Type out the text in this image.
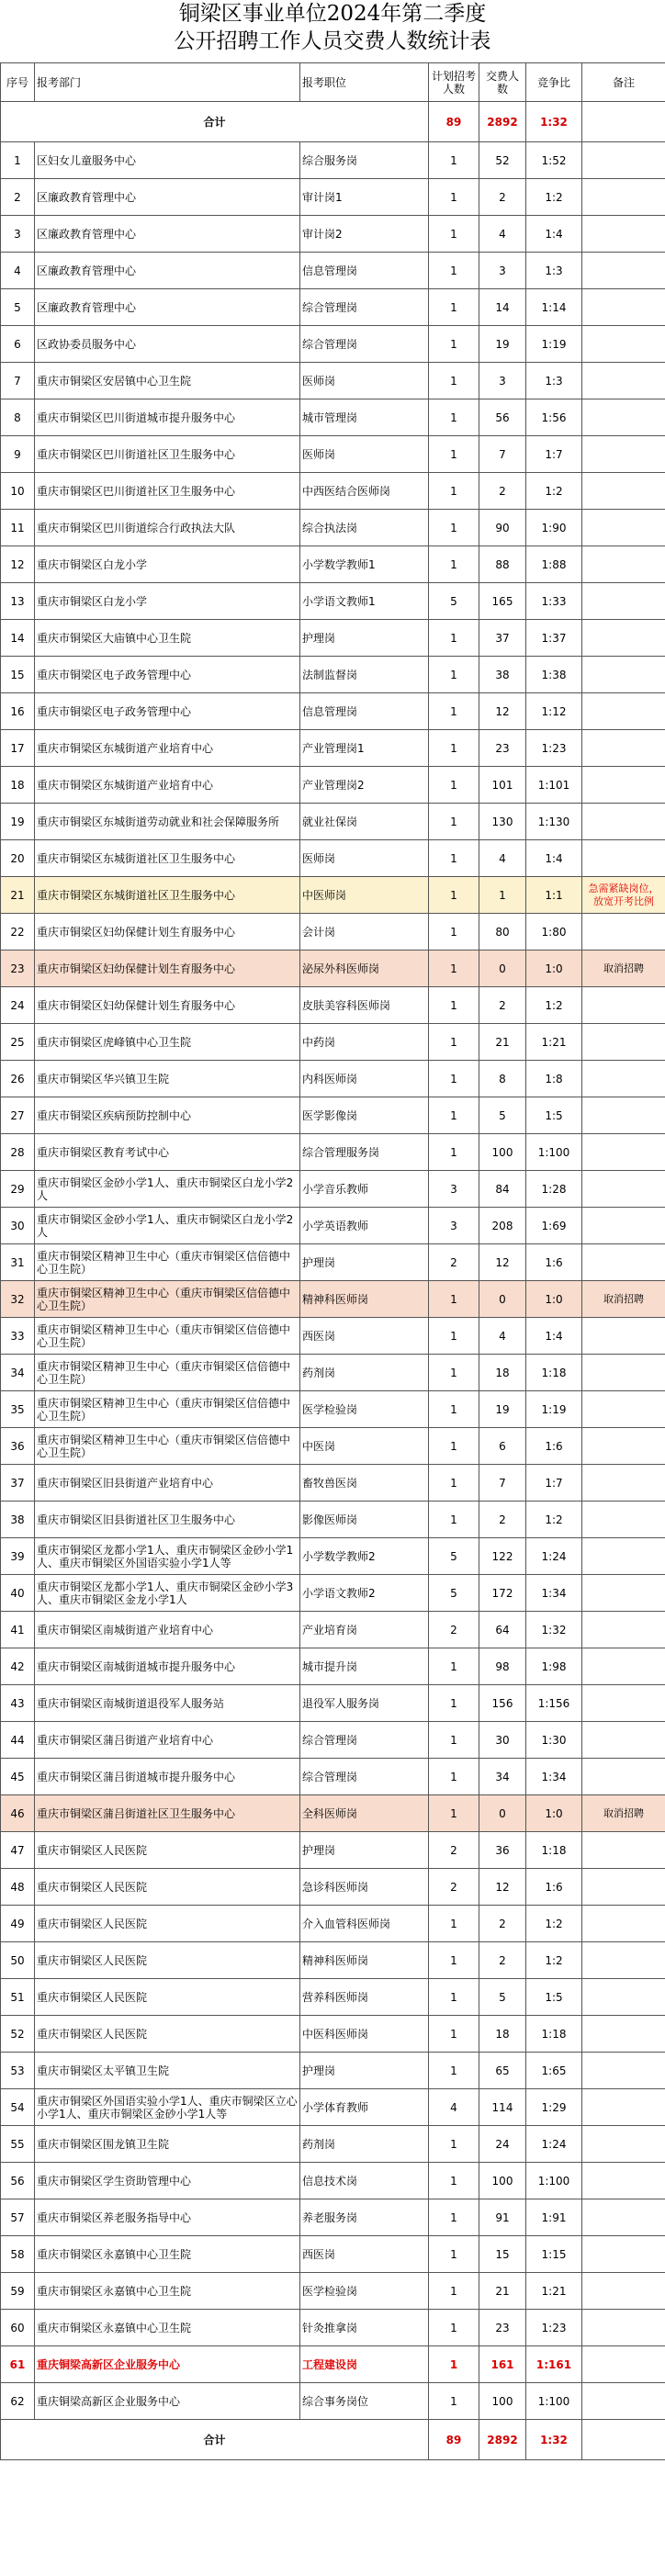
铜梁区事业单位2024年第二季度
公开招聘工作人员交费人数统计表
序号	报考部门	报考职位	计划招考人数	交费人数	竞争比	备注
合计			89	2892	1:32	
1	区妇女儿童服务中心	综合服务岗	1	52	1:52	
2	区廉政教育管理中心	审计岗1	1	2	1:2	
3	区廉政教育管理中心	审计岗2	1	4	1:4	
4	区廉政教育管理中心	信息管理岗	1	3	1:3	
5	区廉政教育管理中心	综合管理岗	1	14	1:14	
6	区政协委员服务中心	综合管理岗	1	19	1:19	
7	重庆市铜梁区安居镇中心卫生院	医师岗	1	3	1:3	
8	重庆市铜梁区巴川街道城市提升服务中心	城市管理岗	1	56	1:56	
9	重庆市铜梁区巴川街道社区卫生服务中心	医师岗	1	7	1:7	
10	重庆市铜梁区巴川街道社区卫生服务中心	中西医结合医师岗	1	2	1:2	
11	重庆市铜梁区巴川街道综合行政执法大队	综合执法岗	1	90	1:90	
12	重庆市铜梁区白龙小学	小学数学教师1	1	88	1:88	
13	重庆市铜梁区白龙小学	小学语文教师1	5	165	1:33	
14	重庆市铜梁区大庙镇中心卫生院	护理岗	1	37	1:37	
15	重庆市铜梁区电子政务管理中心	法制监督岗	1	38	1:38	
16	重庆市铜梁区电子政务管理中心	信息管理岗	1	12	1:12	
17	重庆市铜梁区东城街道产业培育中心	产业管理岗1	1	23	1:23	
18	重庆市铜梁区东城街道产业培育中心	产业管理岗2	1	101	1:101	
19	重庆市铜梁区东城街道劳动就业和社会保障服务所	就业社保岗	1	130	1:130	
20	重庆市铜梁区东城街道社区卫生服务中心	医师岗	1	4	1:4	
21	重庆市铜梁区东城街道社区卫生服务中心	中医师岗	1	1	1:1	急需紧缺岗位，放宽开考比例
22	重庆市铜梁区妇幼保健计划生育服务中心	会计岗	1	80	1:80	
23	重庆市铜梁区妇幼保健计划生育服务中心	泌尿外科医师岗	1	0	1:0	取消招聘
24	重庆市铜梁区妇幼保健计划生育服务中心	皮肤美容科医师岗	1	2	1:2	
25	重庆市铜梁区虎峰镇中心卫生院	中药岗	1	21	1:21	
26	重庆市铜梁区华兴镇卫生院	内科医师岗	1	8	1:8	
27	重庆市铜梁区疾病预防控制中心	医学影像岗	1	5	1:5	
28	重庆市铜梁区教育考试中心	综合管理服务岗	1	100	1:100	
29	重庆市铜梁区金砂小学1人、重庆市铜梁区白龙小学2人	小学音乐教师	3	84	1:28	
30	重庆市铜梁区金砂小学1人、重庆市铜梁区白龙小学2人	小学英语教师	3	208	1:69	
31	重庆市铜梁区精神卫生中心（重庆市铜梁区信倍德中心卫生院）	护理岗	2	12	1:6	
32	重庆市铜梁区精神卫生中心（重庆市铜梁区信倍德中心卫生院）	精神科医师岗	1	0	1:0	取消招聘
33	重庆市铜梁区精神卫生中心（重庆市铜梁区信倍德中心卫生院）	西医岗	1	4	1:4	
34	重庆市铜梁区精神卫生中心（重庆市铜梁区信倍德中心卫生院）	药剂岗	1	18	1:18	
35	重庆市铜梁区精神卫生中心（重庆市铜梁区信倍德中心卫生院）	医学检验岗	1	19	1:19	
36	重庆市铜梁区精神卫生中心（重庆市铜梁区信倍德中心卫生院）	中医岗	1	6	1:6	
37	重庆市铜梁区旧县街道产业培育中心	畜牧兽医岗	1	7	1:7	
38	重庆市铜梁区旧县街道社区卫生服务中心	影像医师岗	1	2	1:2	
39	重庆市铜梁区龙都小学1人、重庆市铜梁区金砂小学1人、重庆市铜梁区外国语实验小学1人等	小学数学教师2	5	122	1:24	
40	重庆市铜梁区龙都小学1人、重庆市铜梁区金砂小学3人、重庆市铜梁区金龙小学1人	小学语文教师2	5	172	1:34	
41	重庆市铜梁区南城街道产业培育中心	产业培育岗	2	64	1:32	
42	重庆市铜梁区南城街道城市提升服务中心	城市提升岗	1	98	1:98	
43	重庆市铜梁区南城街道退役军人服务站	退役军人服务岗	1	156	1:156	
44	重庆市铜梁区蒲吕街道产业培育中心	综合管理岗	1	30	1:30	
45	重庆市铜梁区蒲吕街道城市提升服务中心	综合管理岗	1	34	1:34	
46	重庆市铜梁区蒲吕街道社区卫生服务中心	全科医师岗	1	0	1:0	取消招聘
47	重庆市铜梁区人民医院	护理岗	2	36	1:18	
48	重庆市铜梁区人民医院	急诊科医师岗	2	12	1:6	
49	重庆市铜梁区人民医院	介入血管科医师岗	1	2	1:2	
50	重庆市铜梁区人民医院	精神科医师岗	1	2	1:2	
51	重庆市铜梁区人民医院	营养科医师岗	1	5	1:5	
52	重庆市铜梁区人民医院	中医科医师岗	1	18	1:18	
53	重庆市铜梁区太平镇卫生院	护理岗	1	65	1:65	
54	重庆市铜梁区外国语实验小学1人、重庆市铜梁区立心小学1人、重庆市铜梁区金砂小学1人等	小学体育教师	4	114	1:29	
55	重庆市铜梁区围龙镇卫生院	药剂岗	1	24	1:24	
56	重庆市铜梁区学生资助管理中心	信息技术岗	1	100	1:100	
57	重庆市铜梁区养老服务指导中心	养老服务岗	1	91	1:91	
58	重庆市铜梁区永嘉镇中心卫生院	西医岗	1	15	1:15	
59	重庆市铜梁区永嘉镇中心卫生院	医学检验岗	1	21	1:21	
60	重庆市铜梁区永嘉镇中心卫生院	针灸推拿岗	1	23	1:23	
61	重庆铜梁高新区企业服务中心	工程建设岗	1	161	1:161	
62	重庆铜梁高新区企业服务中心	综合事务岗位	1	100	1:100	
合计			89	2892	1:32	
